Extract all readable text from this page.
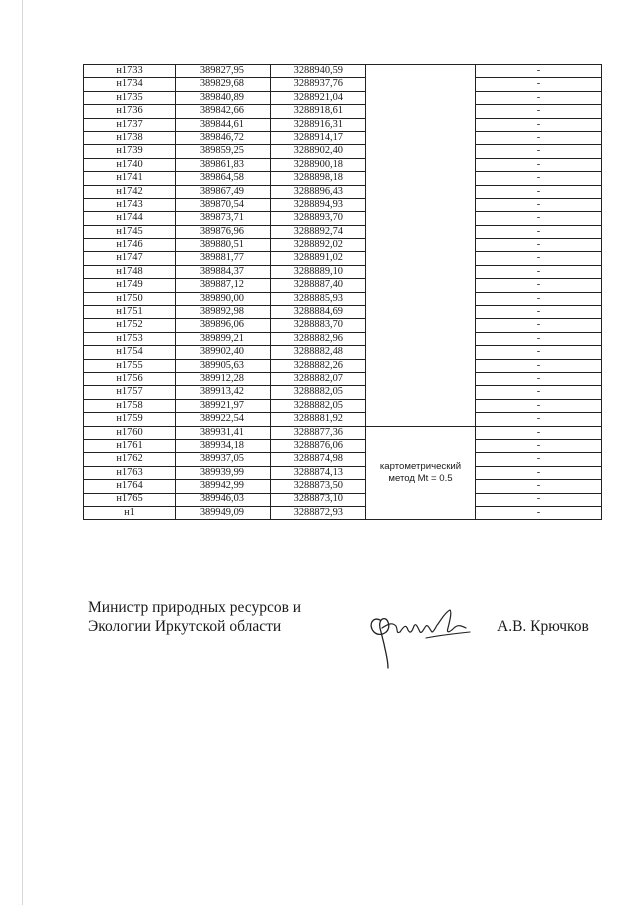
н1733	389827,95	3288940,59		-
н1734	389829,68	3288937,76		-
н1735	389840,89	3288921,04		-
н1736	389842,66	3288918,61		-
н1737	389844,61	3288916,31		-
н1738	389846,72	3288914,17		-
н1739	389859,25	3288902,40		-
н1740	389861,83	3288900,18		-
н1741	389864,58	3288898,18		-
н1742	389867,49	3288896,43		-
н1743	389870,54	3288894,93		-
н1744	389873,71	3288893,70		-
н1745	389876,96	3288892,74		-
н1746	389880,51	3288892,02		-
н1747	389881,77	3288891,02		-
н1748	389884,37	3288889,10		-
н1749	389887,12	3288887,40		-
н1750	389890,00	3288885,93		-
н1751	389892,98	3288884,69		-
н1752	389896,06	3288883,70		-
н1753	389899,21	3288882,96		-
н1754	389902,40	3288882,48		-
н1755	389905,63	3288882,26		-
н1756	389912,28	3288882,07		-
н1757	389913,42	3288882,05		-
н1758	389921,97	3288882,05		-
н1759	389922,54	3288881,92		-
н1760	389931,41	3288877,36	картометрический метод Mt = 0.5	-
н1761	389934,18	3288876,06		-
н1762	389937,05	3288874,98		-
н1763	389939,99	3288874,13		-
н1764	389942,99	3288873,50		-
н1765	389946,03	3288873,10		-
н1	389949,09	3288872,93		-
Министр природных ресурсов и
Экологии Иркутской области	А.В. Крючков
